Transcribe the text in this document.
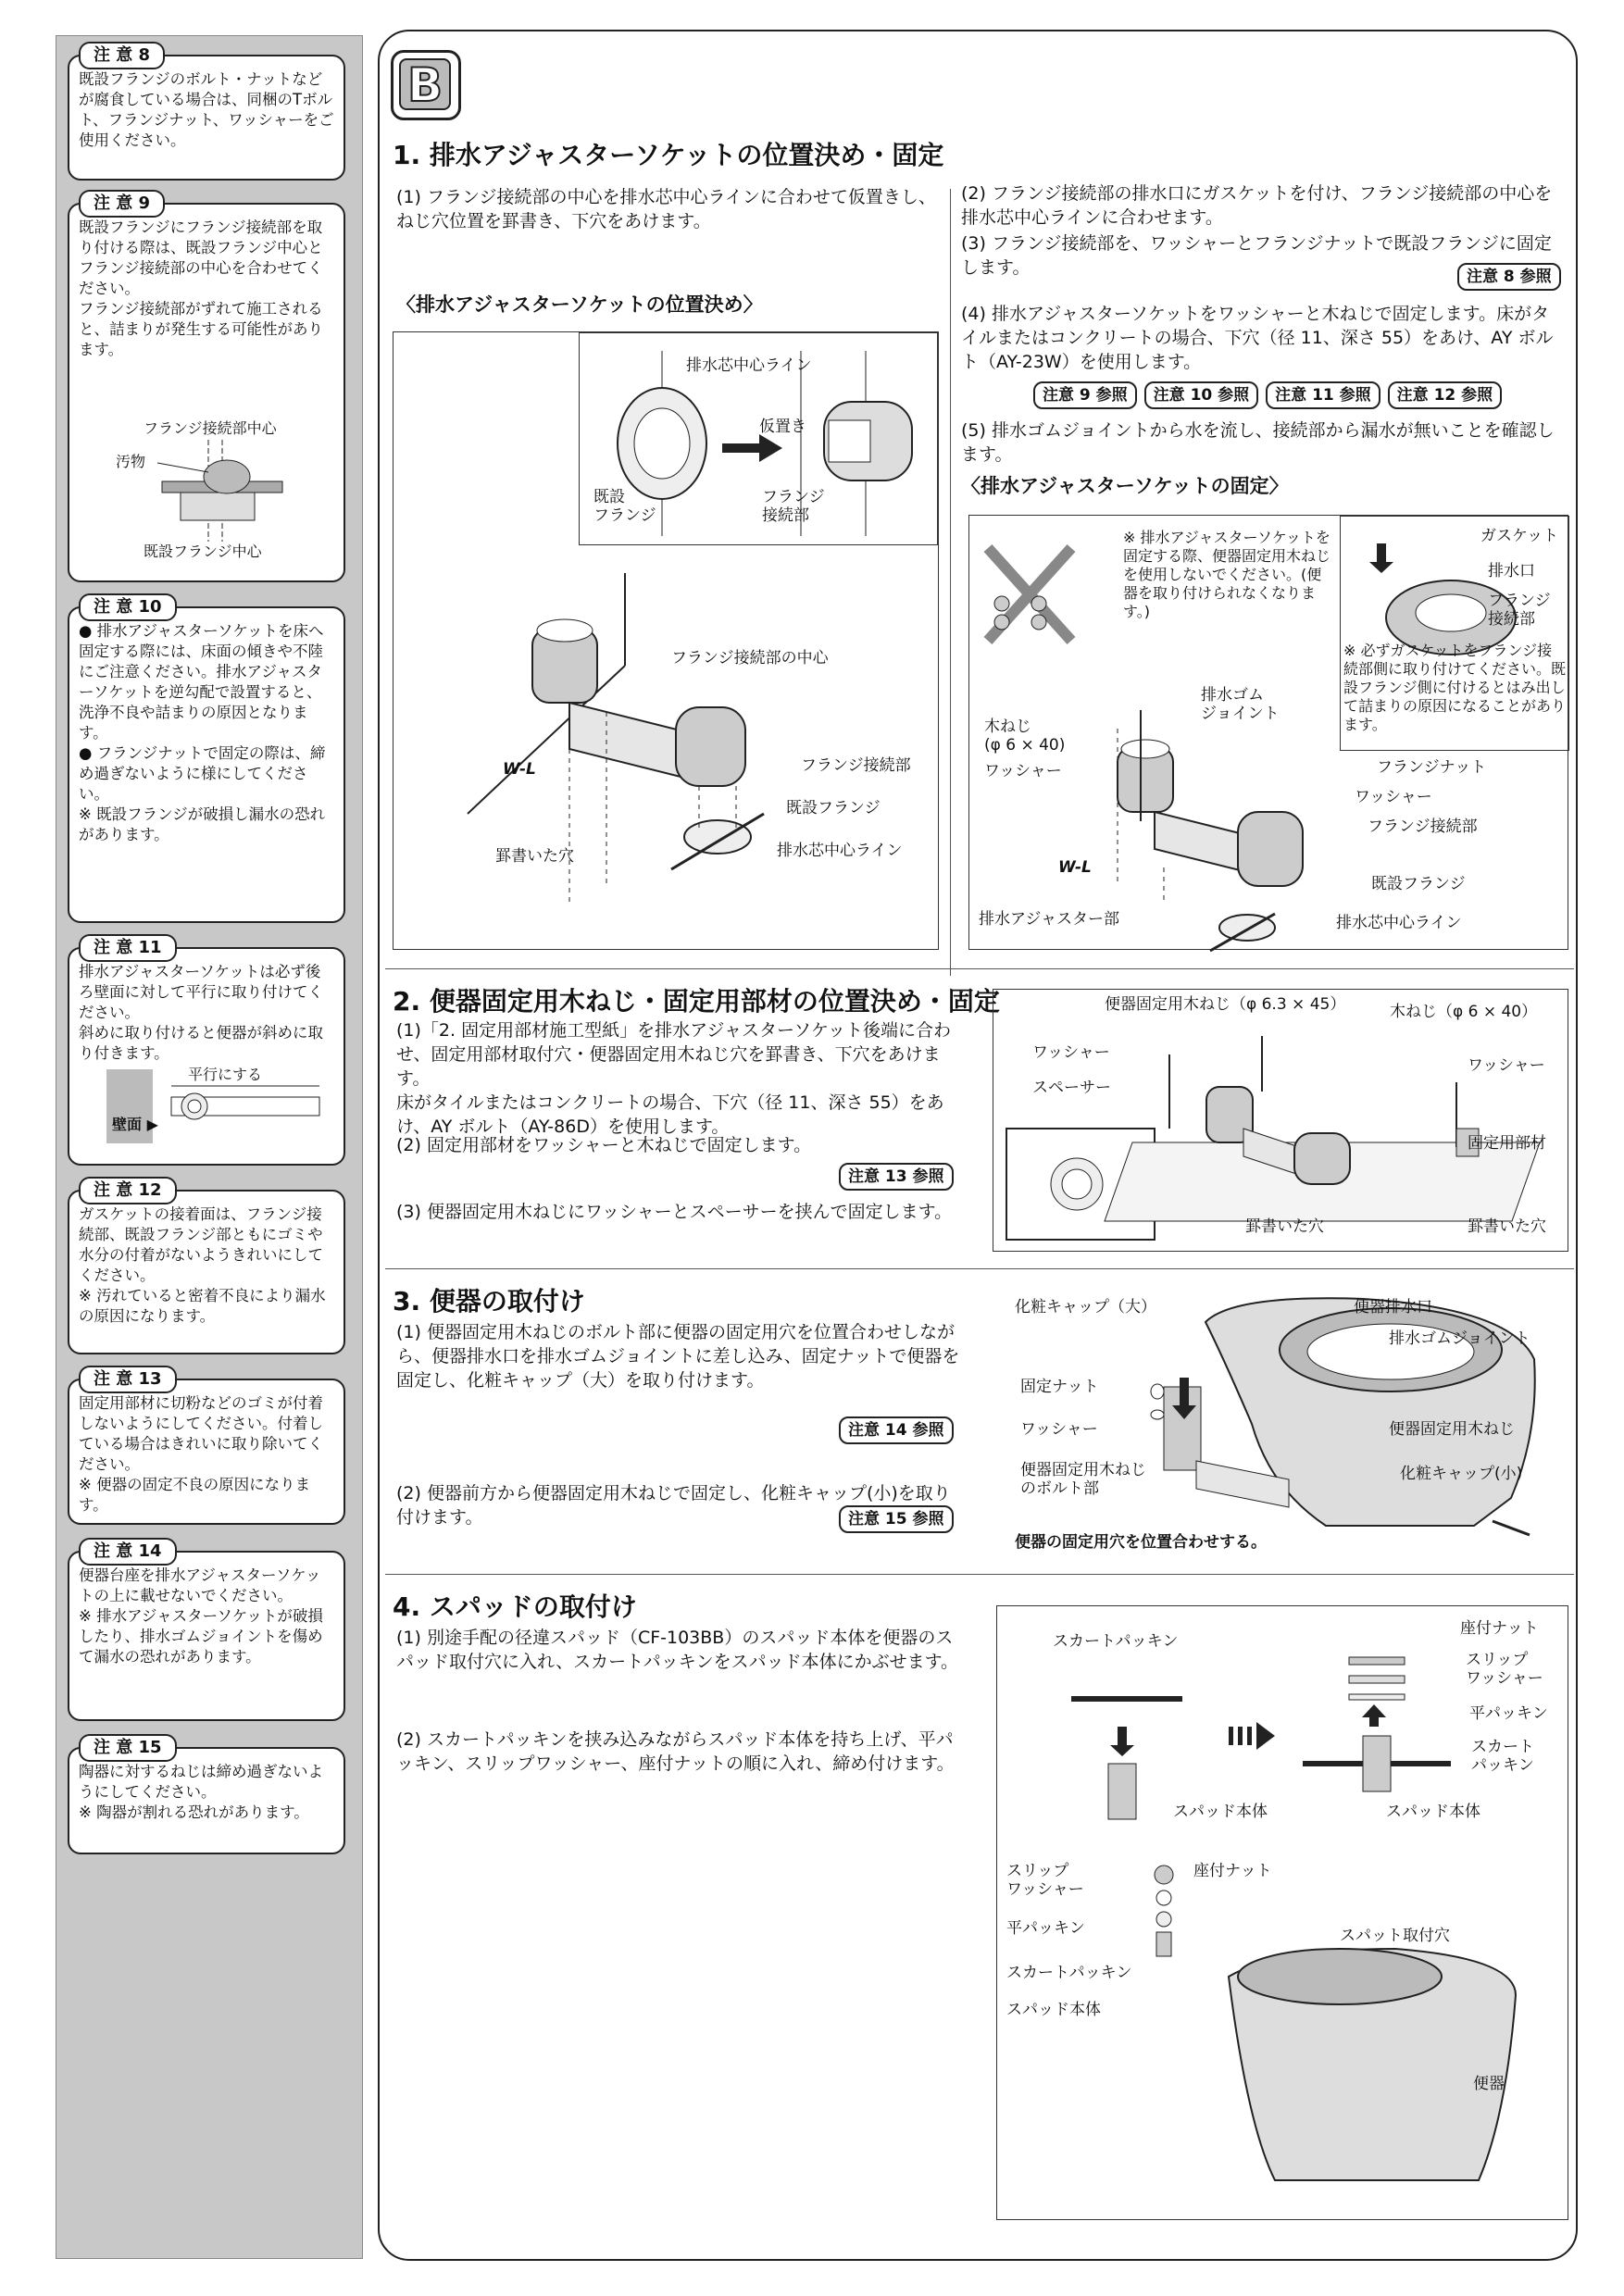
注 意 8

既設フランジのボルト・ナットなどが腐食している場合は、同梱のTボルト、フランジナット、ワッシャーをご使用ください。

注 意 9

既設フランジにフランジ接続部を取り付ける際は、既設フランジ中心とフランジ接続部の中心を合わせてください。
フランジ接続部がずれて施工されると、詰まりが発生する可能性があります。

フランジ接続部中心
汚物
既設フランジ中心
注 意 10

● 排水アジャスターソケットを床へ固定する際には、床面の傾きや不陸にご注意ください。排水アジャスターソケットを逆勾配で設置すると、洗浄不良や詰まりの原因となります。
● フランジナットで固定の際は、締め過ぎないように様にしてください。
※ 既設フランジが破損し漏水の恐れがあります。

注 意 11

排水アジャスターソケットは必ず後ろ壁面に対して平行に取り付けてください。
斜めに取り付けると便器が斜めに取り付きます。

平行にする
壁面 ▶
注 意 12

ガスケットの接着面は、フランジ接続部、既設フランジ部ともにゴミや水分の付着がないようきれいにしてください。
※ 汚れていると密着不良により漏水の原因になります。

注 意 13

固定用部材に切粉などのゴミが付着しないようにしてください。付着している場合はきれいに取り除いてください。
※ 便器の固定不良の原因になります。

注 意 14

便器台座を排水アジャスターソケットの上に載せないでください。
※ 排水アジャスターソケットが破損したり、排水ゴムジョイントを傷めて漏水の恐れがあります。

注 意 15

陶器に対するねじは締め過ぎないようにしてください。
※ 陶器が割れる恐れがあります。

B
1. 排水アジャスターソケットの位置決め・固定
(1) フランジ接続部の中心を排水芯中心ラインに合わせて仮置きし、ねじ穴位置を罫書き、下穴をあけます。
〈排水アジャスターソケットの位置決め〉
(2) フランジ接続部の排水口にガスケットを付け、フランジ接続部の中心を排水芯中心ラインに合わせます。
(3) フランジ接続部を、ワッシャーとフランジナットで既設フランジに固定します。	注意 8 参照
(4) 排水アジャスターソケットをワッシャーと木ねじで固定します。床がタイルまたはコンクリートの場合、下穴（径 11、深さ 55）をあけ、AY ボルト（AY-23W）を使用します。
注意 9 参照	注意 10 参照	注意 11 参照	注意 12 参照
(5) 排水ゴムジョイントから水を流し、接続部から漏水が無いことを確認します。
〈排水アジャスターソケットの固定〉
排水芯中心ライン
仮置き
既設
フランジ
フランジ
接続部
フランジ接続部の中心
フランジ接続部
既設フランジ
排水芯中心ライン
罫書いた穴
W-L
※ 排水アジャスターソケットを固定する際、便器固定用木ねじを使用しないでください。(便器を取り付けられなくなります。)
ガスケット
排水口
フランジ
接続部
※ 必ずガスケットをフランジ接続部側に取り付けてください。既設フランジ側に付けるとはみ出して詰まりの原因になることがあります。
排水ゴム
ジョイント
木ねじ
(φ 6 × 40)
ワッシャー	フランジナット
ワッシャー
フランジ接続部
既設フランジ
排水アジャスター部	排水芯中心ライン
W-L
2. 便器固定用木ねじ・固定用部材の位置決め・固定
(1)「2. 固定用部材施工型紙」を排水アジャスターソケット後端に合わせ、固定用部材取付穴・便器固定用木ねじ穴を罫書き、下穴をあけます。
床がタイルまたはコンクリートの場合、下穴（径 11、深さ 55）をあけ、AY ボルト（AY-86D）を使用します。
(2) 固定用部材をワッシャーと木ねじで固定します。
注意 13 参照
(3) 便器固定用木ねじにワッシャーとスペーサーを挟んで固定します。
便器固定用木ねじ（φ 6.3 × 45）	木ねじ（φ 6 × 40）
ワッシャー
スペーサー
ワッシャー
固定用部材
罫書いた穴	罫書いた穴
3. 便器の取付け
(1) 便器固定用木ねじのボルト部に便器の固定用穴を位置合わせしながら、便器排水口を排水ゴムジョイントに差し込み、固定ナットで便器を固定し、化粧キャップ（大）を取り付けます。
注意 14 参照
(2) 便器前方から便器固定用木ねじで固定し、化粧キャップ(小)を取り付けます。	注意 15 参照
化粧キャップ（大）	便器排水口
排水ゴムジョイント
固定ナット
ワッシャー	便器固定用木ねじ
便器固定用木ねじ
のボルト部
化粧キャップ(小)
便器の固定用穴を位置合わせする。
4. スパッドの取付け
(1) 別途手配の径違スパッド（CF-103BB）のスパッド本体を便器のスパッド取付穴に入れ、スカートパッキンをスパッド本体にかぶせます。
(2) スカートパッキンを挟み込みながらスパッド本体を持ち上げ、平パッキン、スリップワッシャー、座付ナットの順に入れ、締め付けます。
スカートパッキン
座付ナット
スリップ
ワッシャー
平パッキン
スカート
パッキン
スパッド本体	スパッド本体
スリップ
ワッシャー
座付ナット
平パッキン	スパット取付穴
スカートパッキン
スパッド本体
便器
